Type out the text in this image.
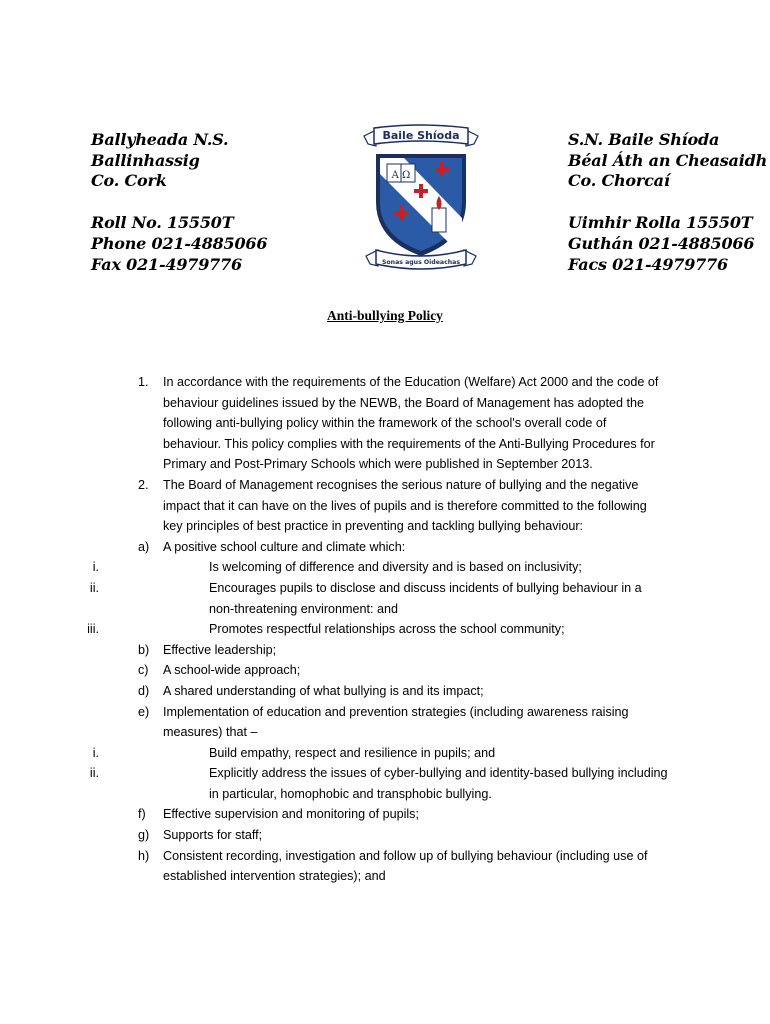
Ballyheada N.S.
Ballinhassig
Co. Cork
Roll No. 15550T
Phone 021-4885066
Fax 021-4979776
Baile Shíoda
A Ω
Sonas agus Oideachas
S.N. Baile Shíoda
Béal Áth an Cheasaidh
Co. Chorcaí
Uimhir Rolla 15550T
Guthán 021-4885066
Facs 021-4979776
Anti-bullying Policy
1. In accordance with the requirements of the Education (Welfare) Act 2000 and the code of behaviour guidelines issued by the NEWB, the Board of Management has adopted the following anti-bullying policy within the framework of the school's overall code of behaviour. This policy complies with the requirements of the Anti-Bullying Procedures for Primary and Post-Primary Schools which were published in September 2013.
2. The Board of Management recognises the serious nature of bullying and the negative impact that it can have on the lives of pupils and is therefore committed to the following key principles of best practice in preventing and tackling bullying behaviour:
a) A positive school culture and climate which:
i.	Is welcoming of difference and diversity and is based on inclusivity;
ii.	Encourages pupils to disclose and discuss incidents of bullying behaviour in a non-threatening environment: and
iii.	Promotes respectful relationships across the school community;
b) Effective leadership;
c) A school-wide approach;
d) A shared understanding of what bullying is and its impact;
e) Implementation of education and prevention strategies (including awareness raising measures) that –
i.	Build empathy, respect and resilience in pupils; and
ii.	Explicitly address the issues of cyber-bullying and identity-based bullying including in particular, homophobic and transphobic bullying.
f) Effective supervision and monitoring of pupils;
g) Supports for staff;
h) Consistent recording, investigation and follow up of bullying behaviour (including use of established intervention strategies); and
